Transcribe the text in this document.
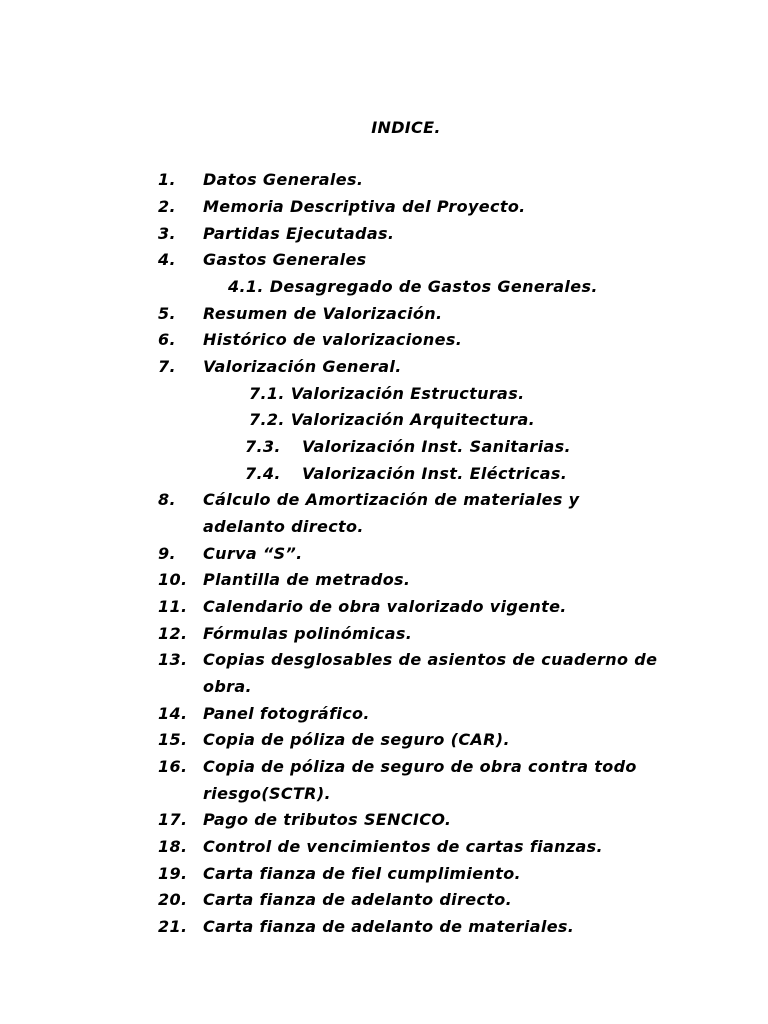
INDICE.
1. Datos Generales.
2. Memoria Descriptiva del Proyecto.
3. Partidas Ejecutadas.
4. Gastos Generales
4.1. Desagregado de Gastos Generales.
5. Resumen de Valorización.
6. Histórico de valorizaciones.
7. Valorización General.
7.1. Valorización Estructuras.
7.2. Valorización Arquitectura.
7.3. Valorización Inst. Sanitarias.
7.4. Valorización Inst. Eléctricas.
8. Cálculo de Amortización de materiales y
adelanto directo.
9. Curva “S”.
10. Plantilla de metrados.
11. Calendario de obra valorizado vigente.
12. Fórmulas polinómicas.
13. Copias desglosables de asientos de cuaderno de
obra.
14. Panel fotográfico.
15. Copia de póliza de seguro (CAR).
16. Copia de póliza de seguro de obra contra todo
riesgo(SCTR).
17. Pago de tributos SENCICO.
18. Control de vencimientos de cartas fianzas.
19. Carta fianza de fiel cumplimiento.
20. Carta fianza de adelanto directo.
21. Carta fianza de adelanto de materiales.
